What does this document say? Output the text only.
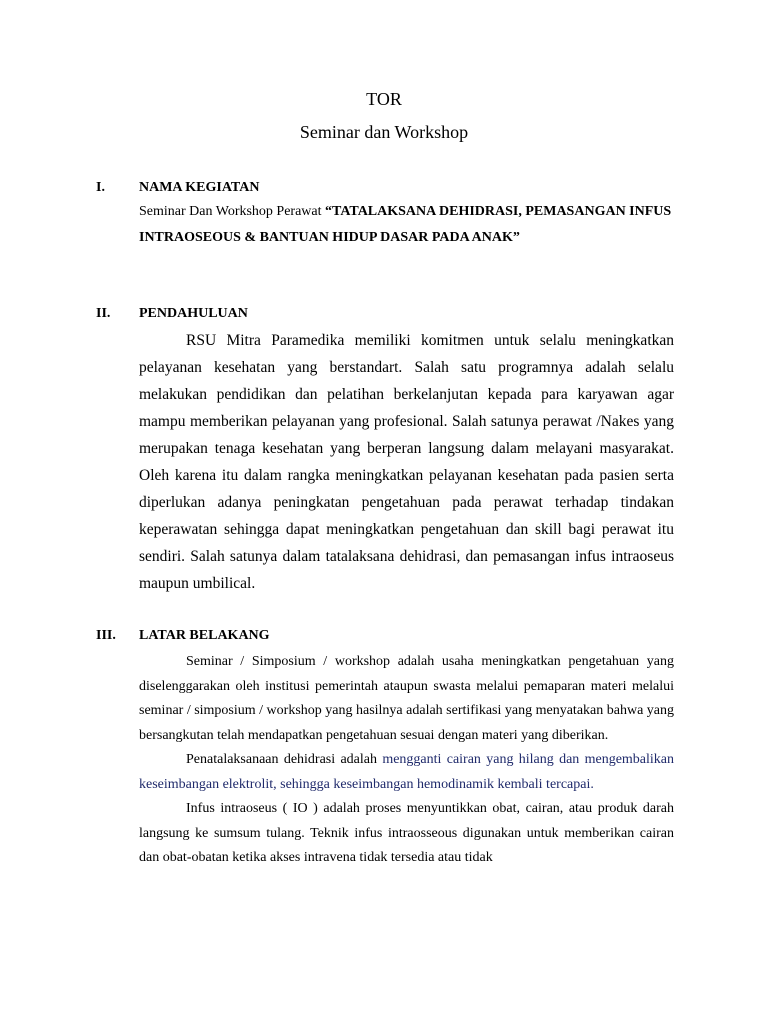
TOR
Seminar dan Workshop
I.	NAMA KEGIATAN

Seminar Dan Workshop Perawat “TATALAKSANA DEHIDRASI, PEMASANGAN INFUS INTRAOSEOUS & BANTUAN HIDUP DASAR PADA ANAK”

II.	PENDAHULUAN

RSU Mitra Paramedika memiliki komitmen untuk selalu meningkatkan pelayanan kesehatan yang berstandart. Salah satu programnya adalah selalu melakukan pendidikan dan pelatihan berkelanjutan kepada para karyawan agar mampu memberikan pelayanan yang profesional. Salah satunya perawat /Nakes yang merupakan tenaga kesehatan yang berperan langsung dalam melayani masyarakat. Oleh karena itu dalam rangka meningkatkan pelayanan kesehatan pada pasien serta diperlukan adanya peningkatan pengetahuan pada perawat terhadap tindakan keperawatan sehingga dapat meningkatkan pengetahuan dan skill bagi perawat itu sendiri. Salah satunya dalam tatalaksana dehidrasi, dan pemasangan infus intraoseus maupun umbilical.

III.	LATAR BELAKANG

Seminar / Simposium / workshop adalah usaha meningkatkan pengetahuan yang diselenggarakan oleh institusi pemerintah ataupun swasta melalui pemaparan materi melalui seminar / simposium / workshop yang hasilnya adalah sertifikasi yang menyatakan bahwa yang bersangkutan telah mendapatkan pengetahuan sesuai dengan materi yang diberikan.

Penatalaksanaan dehidrasi adalah mengganti cairan yang hilang dan mengembalikan keseimbangan elektrolit, sehingga keseimbangan hemodinamik kembali tercapai.

Infus intraoseus ( IO ) adalah proses menyuntikkan obat, cairan, atau produk darah langsung ke sumsum tulang. Teknik infus intraosseous digunakan untuk memberikan cairan dan obat-obatan ketika akses intravena tidak tersedia atau tidak
